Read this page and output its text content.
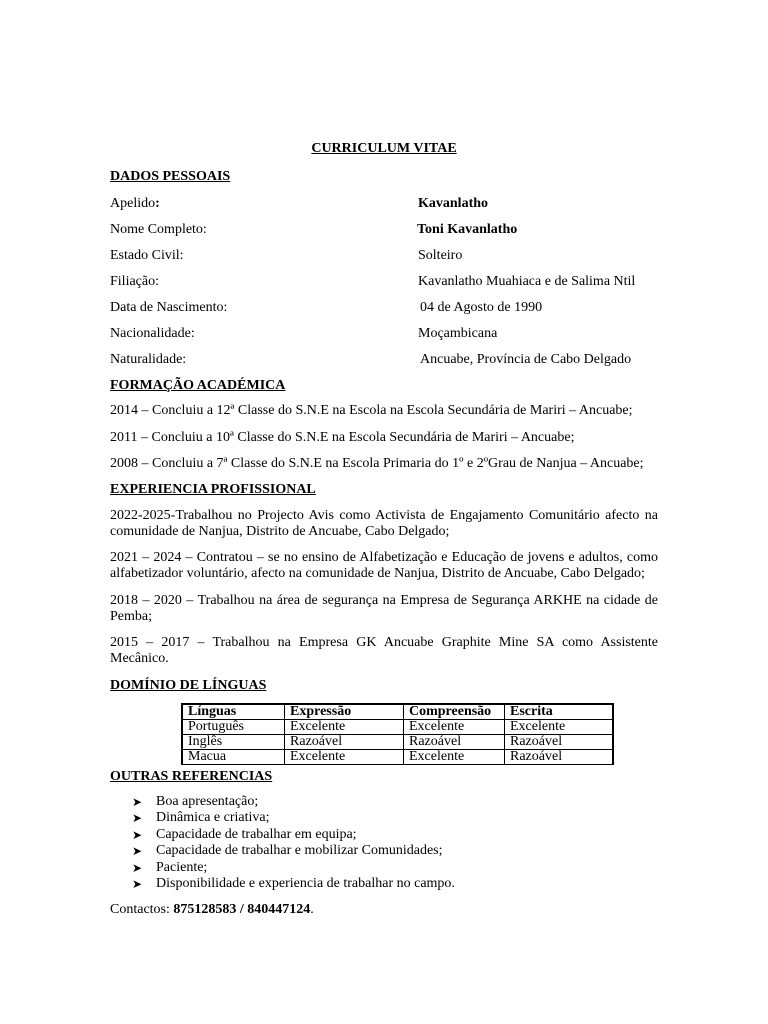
CURRICULUM VITAE
DADOS PESSOAIS
Apelido:	Kavanlatho
Nome Completo:	Toni Kavanlatho
Estado Civil:	Solteiro
Filiação:	Kavanlatho Muahiaca e de Salima Ntil
Data de Nascimento:	04 de Agosto de 1990
Nacionalidade:	Moçambicana
Naturalidade:	Ancuabe, Província de Cabo Delgado
FORMAÇÃO ACADÉMICA
2014 – Concluiu a 12ª Classe do S.N.E na Escola na Escola Secundária de Mariri – Ancuabe;
2011 – Concluiu a 10ª Classe do S.N.E na Escola Secundária de Mariri – Ancuabe;
2008 – Concluiu a 7ª Classe do S.N.E na Escola Primaria do 1º e 2ºGrau de Nanjua – Ancuabe;
EXPERIENCIA PROFISSIONAL
2022-2025-Trabalhou no Projecto Avis como Activista de Engajamento Comunitário afecto na comunidade de Nanjua, Distrito de Ancuabe, Cabo Delgado;
2021 – 2024 – Contratou – se no ensino de Alfabetização e Educação de jovens e adultos, como alfabetizador voluntário, afecto na comunidade de Nanjua, Distrito de Ancuabe, Cabo Delgado;
2018 – 2020 – Trabalhou na área de segurança na Empresa de Segurança ARKHE na cidade de Pemba;
2015 – 2017 – Trabalhou na Empresa GK Ancuabe Graphite Mine SA como Assistente Mecânico.
DOMÍNIO DE LÍNGUAS
Línguas	Expressão	Compreensão	Escrita
Português	Excelente	Excelente	Excelente
Inglês	Razoável	Razoável	Razoável
Macua	Excelente	Excelente	Razoável
OUTRAS REFERENCIAS
➤ Boa apresentação;
➤ Dinâmica e criativa;
➤ Capacidade de trabalhar em equipa;
➤ Capacidade de trabalhar e mobilizar Comunidades;
➤ Paciente;
➤ Disponibilidade e experiencia de trabalhar no campo.
Contactos: 875128583 / 840447124.
